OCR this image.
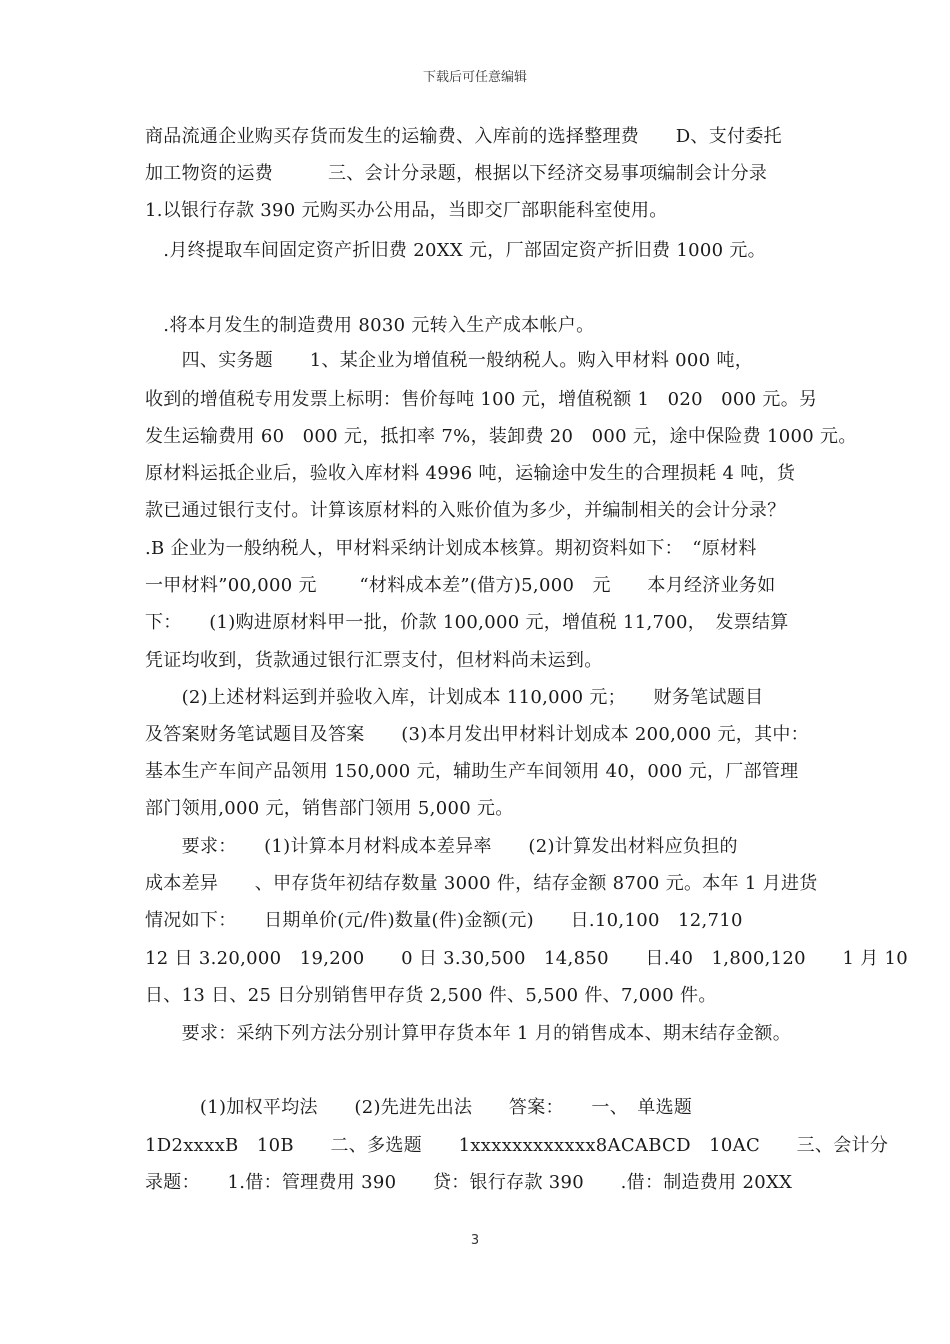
下载后可任意编辑
商品流通企业购买存货而发生的运输费、入库前的选择整理费　　D、支付委托
加工物资的运费　　　三、会计分录题，根据以下经济交易事项编制会计分录
1.以银行存款 390 元购买办公用品，当即交厂部职能科室使用。
　.月终提取车间固定资产折旧费 20XX 元，厂部固定资产折旧费 1000 元。
　.将本月发生的制造费用 8030 元转入生产成本帐户。
　　四、实务题　　1、某企业为增值税一般纳税人。购入甲材料 000 吨，
收到的增值税专用发票上标明：售价每吨 100 元，增值税额 1　020　000 元。另
发生运输费用 60　000 元，抵扣率 7%，装卸费 20　000 元，途中保险费 1000 元。
原材料运抵企业后，验收入库材料 4996 吨，运输途中发生的合理损耗 4 吨，货
款已通过银行支付。计算该原材料的入账价值为多少，并编制相关的会计分录？
.B 企业为一般纳税人，甲材料采纳计划成本核算。期初资料如下：　“原材料
一甲材料”00,000 元　　 “材料成本差”(借方)5,000　元　　本月经济业务如
下：　　(1)购进原材料甲一批，价款 100,000 元，增值税 11,700，　发票结算
凭证均收到，货款通过银行汇票支付，但材料尚未运到。
　　(2)上述材料运到并验收入库，计划成本 110,000 元；　　财务笔试题目
及答案财务笔试题目及答案　　(3)本月发出甲材料计划成本 200,000 元，其中：
基本生产车间产品领用 150,000 元，辅助生产车间领用 40，000 元，厂部管理
部门领用,000 元，销售部门领用 5,000 元。
　　要求：　　(1)计算本月材料成本差异率　　(2)计算发出材料应负担的
成本差异　　、甲存货年初结存数量 3000 件，结存金额 8700 元。本年 1 月进货
情况如下：　　日期单价(元/件)数量(件)金额(元)　　日.10,100　12,710
12 日 3.20,000　19,200　　0 日 3.30,500　14,850　　日.40　1,800,120　　1 月 10
日、13 日、25 日分别销售甲存货 2,500 件、5,500 件、7,000 件。
　　要求：采纳下列方法分别计算甲存货本年 1 月的销售成本、期末结存金额。
　　　(1)加权平均法　　(2)先进先出法　　答案：　　一、　单选题
1D2xxxxB　10B　　二、多选题　　1xxxxxxxxxxxx8ACABCD　10AC　　三、会计分
录题：　　1.借：管理费用 390　　贷：银行存款 390　　.借：制造费用 20XX
3
